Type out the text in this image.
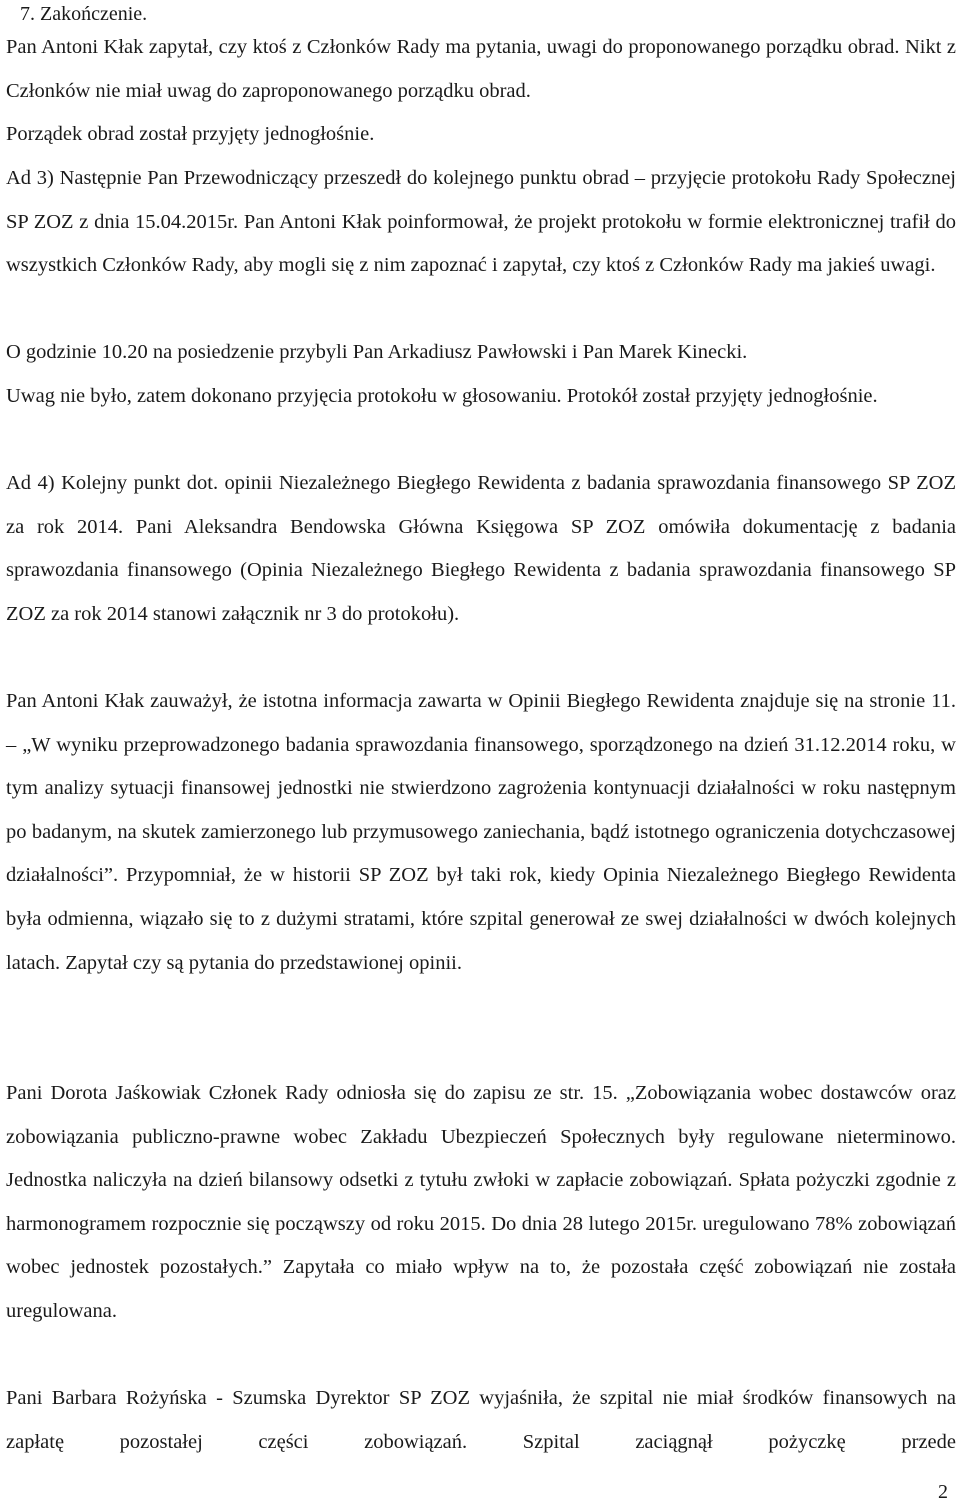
7. Zakończenie.

Pan Antoni Kłak zapytał, czy ktoś z Członków Rady ma pytania, uwagi do proponowanego porządku obrad. Nikt z Członków nie miał uwag do zaproponowanego porządku obrad.

Porządek obrad został przyjęty jednogłośnie.

Ad 3) Następnie Pan Przewodniczący przeszedł do kolejnego punktu obrad – przyjęcie protokołu Rady Społecznej SP ZOZ z dnia 15.04.2015r. Pan Antoni Kłak poinformował, że projekt protokołu w formie elektronicznej trafił do wszystkich Członków Rady, aby mogli się z nim zapoznać i zapytał, czy ktoś z Członków Rady ma jakieś uwagi.

O godzinie 10.20 na posiedzenie przybyli Pan Arkadiusz Pawłowski i Pan Marek Kinecki.

Uwag nie było, zatem dokonano przyjęcia protokołu w głosowaniu. Protokół został przyjęty jednogłośnie.

Ad 4) Kolejny punkt dot. opinii Niezależnego Biegłego Rewidenta z badania sprawozdania finansowego SP ZOZ za rok 2014. Pani Aleksandra Bendowska Główna Księgowa SP ZOZ omówiła dokumentację z badania sprawozdania finansowego (Opinia Niezależnego Biegłego Rewidenta z badania sprawozdania finansowego SP ZOZ za rok 2014 stanowi załącznik nr 3 do protokołu).

Pan Antoni Kłak zauważył, że istotna informacja zawarta w Opinii Biegłego Rewidenta znajduje się na stronie 11. – „W wyniku przeprowadzonego badania sprawozdania finansowego, sporządzonego na dzień 31.12.2014 roku, w tym analizy sytuacji finansowej jednostki nie stwierdzono zagrożenia kontynuacji działalności w roku następnym po badanym, na skutek zamierzonego lub przymusowego zaniechania, bądź istotnego ograniczenia dotychczasowej działalności”. Przypomniał, że w historii SP ZOZ był taki rok, kiedy Opinia Niezależnego Biegłego Rewidenta była odmienna, wiązało się to z dużymi stratami, które szpital generował ze swej działalności w dwóch kolejnych latach. Zapytał czy są pytania do przedstawionej opinii.

Pani Dorota Jaśkowiak Członek Rady odniosła się do zapisu ze str. 15. „Zobowiązania wobec dostawców oraz zobowiązania publiczno-prawne wobec Zakładu Ubezpieczeń Społecznych były regulowane nieterminowo. Jednostka naliczyła na dzień bilansowy odsetki z tytułu zwłoki w zapłacie zobowiązań. Spłata pożyczki zgodnie z harmonogramem rozpocznie się począwszy od roku 2015. Do dnia 28 lutego 2015r. uregulowano 78% zobowiązań wobec jednostek pozostałych.” Zapytała co miało wpływ na to, że pozostała część zobowiązań nie została uregulowana.

Pani Barbara Rożyńska - Szumska Dyrektor SP ZOZ wyjaśniła, że szpital nie miał środków finansowych na zapłatę pozostałej części zobowiązań. Szpital zaciągnął pożyczkę przede

2
